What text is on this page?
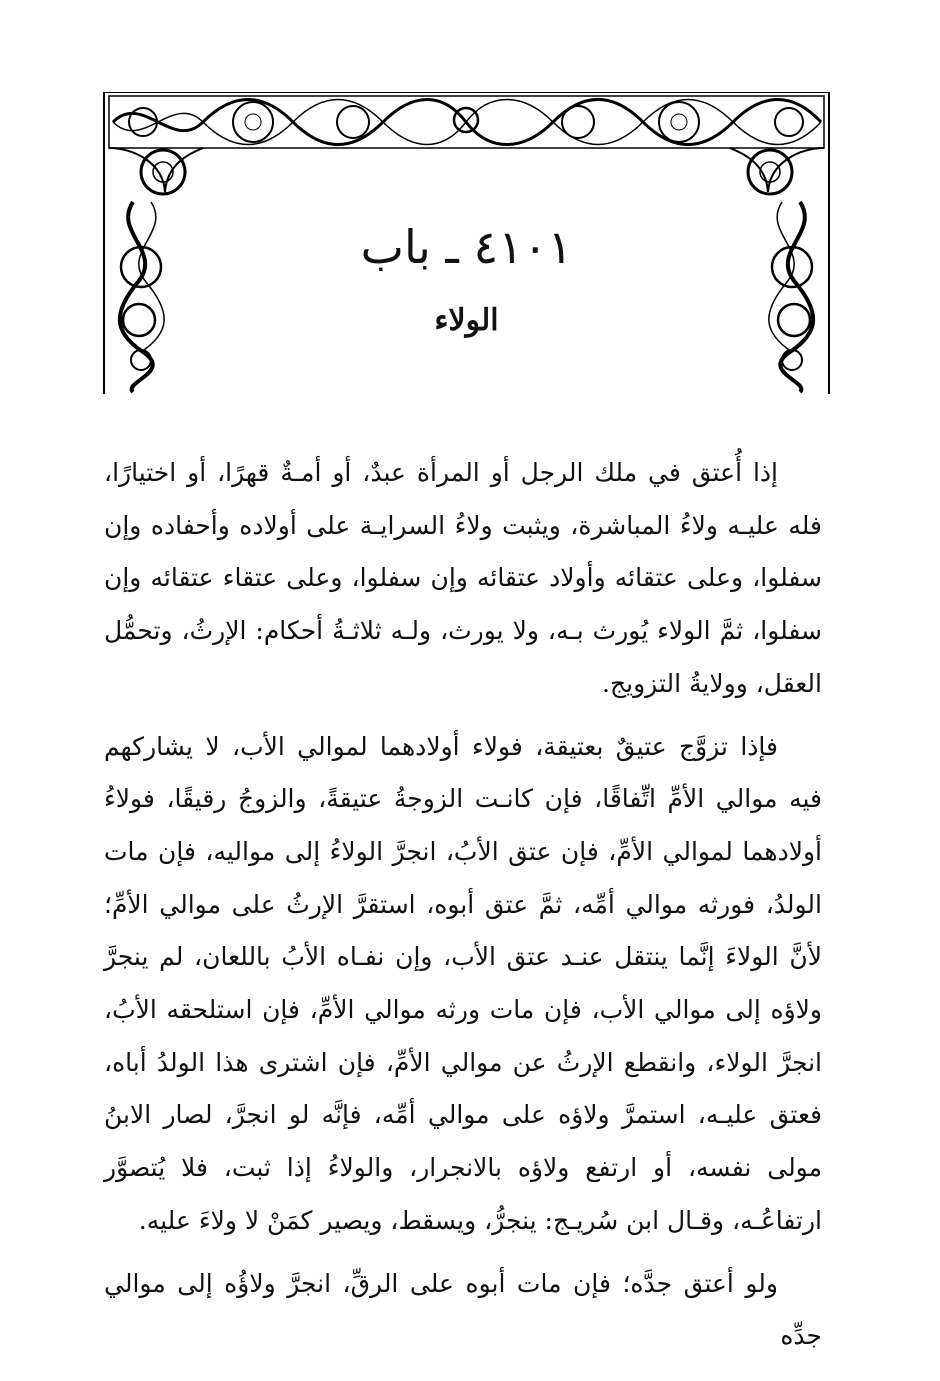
٤١٠١ ـ باب
الولاء

إذا أُعتق في ملك الرجل أو المرأة عبدٌ، أو أمـةٌ قهرًا، أو اختيارًا، فله عليـه ولاءُ المباشرة، ويثبت ولاءُ السرايـة على أولاده وأحفاده وإن سفلوا، وعلى عتقائه وأولاد عتقائه وإن سفلوا، وعلى عتقاء عتقائه وإن سفلوا، ثمَّ الولاء يُورث بـه، ولا يورث، ولـه ثلاثـةُ أحكام: الإرثُ، وتحمُّل العقل، وولايةُ التزويج.

فإذا تزوَّج عتيقٌ بعتيقة، فولاء أولادهما لموالي الأب، لا يشاركهم فيه موالي الأمِّ اتِّفاقًا، فإن كانـت الزوجةُ عتيقةً، والزوجُ رقيقًا، فولاءُ أولادهما لموالي الأمِّ، فإن عتق الأبُ، انجرَّ الولاءُ إلى مواليه، فإن مات الولدُ، فورثه موالي أمِّه، ثمَّ عتق أبوه، استقرَّ الإرثُ على موالي الأمِّ؛ لأنَّ الولاءَ إنَّما ينتقل عنـد عتق الأب، وإن نفـاه الأبُ باللعان، لم ينجرَّ ولاؤه إلى موالي الأب، فإن مات ورثه موالي الأمِّ، فإن استلحقه الأبُ، انجرَّ الولاء، وانقطع الإرثُ عن موالي الأمِّ، فإن اشترى هذا الولدُ أباه، فعتق عليـه، استمرَّ ولاؤه على موالي أمِّه، فإنَّه لو انجرَّ، لصار الابنُ مولى نفسه، أو ارتفع ولاؤه بالانجرار، والولاءُ إذا ثبت، فلا يُتصوَّر ارتفاعُـه، وقـال ابن سُريـج: ينجرُّ، ويسقط، ويصير كمَنْ لا ولاءَ عليه.

ولو أعتق جدَّه؛ فإن مات أبوه على الرقِّ، انجرَّ ولاؤُه إلى موالي جدِّه
